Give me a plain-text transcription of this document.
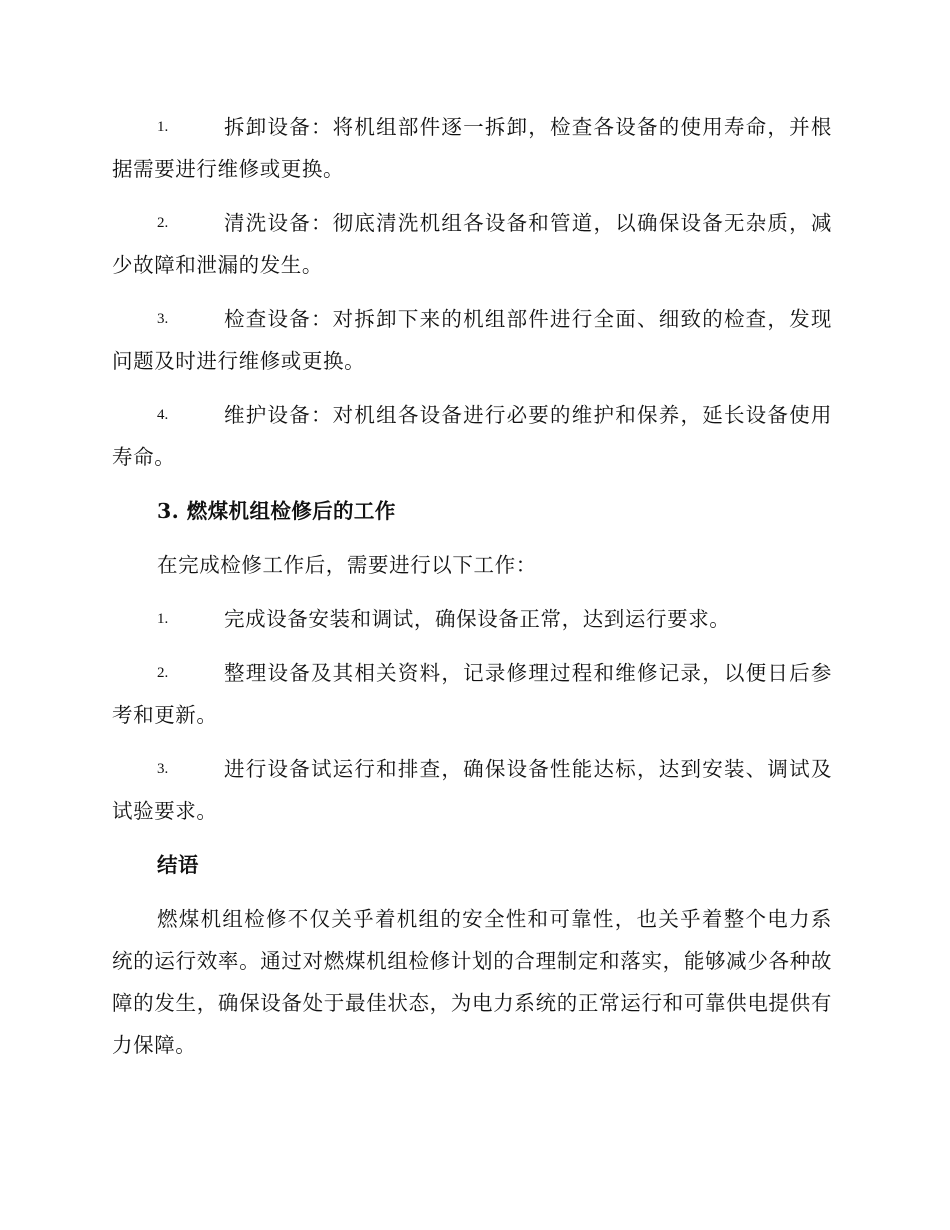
1.	拆卸设备：将机组部件逐一拆卸，检查各设备的使用寿命，并根据需要进行维修或更换。

2.	清洗设备：彻底清洗机组各设备和管道，以确保设备无杂质，减少故障和泄漏的发生。

3.	检查设备：对拆卸下来的机组部件进行全面、细致的检查，发现问题及时进行维修或更换。

4.	维护设备：对机组各设备进行必要的维护和保养，延长设备使用寿命。

3. 燃煤机组检修后的工作

在完成检修工作后，需要进行以下工作：

1.	完成设备安装和调试，确保设备正常，达到运行要求。

2.	整理设备及其相关资料，记录修理过程和维修记录，以便日后参考和更新。

3.	进行设备试运行和排查，确保设备性能达标，达到安装、调试及试验要求。

结语

燃煤机组检修不仅关乎着机组的安全性和可靠性，也关乎着整个电力系统的运行效率。通过对燃煤机组检修计划的合理制定和落实，能够减少各种故障的发生，确保设备处于最佳状态，为电力系统的正常运行和可靠供电提供有力保障。
